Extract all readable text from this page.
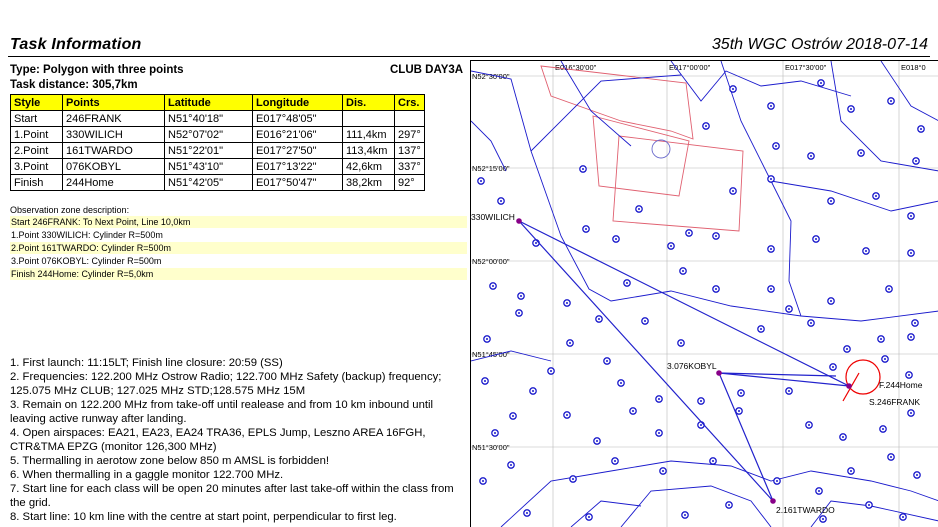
Task Information	35th WGC Ostrów 2018-07-14
Type: Polygon with three points	CLUB DAY3A
Task distance: 305,7km
Style	Points	Latitude	Longitude	Dis.	Crs.
Start	246FRANK	N51°40'18"	E017°48'05"		
1.Point	330WILICH	N52°07'02"	E016°21'06"	111,4km	297°
2.Point	161TWARDO	N51°22'01"	E017°27'50"	113,4km	137°
3.Point	076KOBYL	N51°43'10"	E017°13'22"	42,6km	337°
Finish	244Home	N51°42'05"	E017°50'47"	38,2km	92°
Observation zone description:
Start 246FRANK: To Next Point, Line 10,0km
1.Point 330WILICH: Cylinder R=500m
2.Point 161TWARDO: Cylinder R=500m
3.Point 076KOBYL: Cylinder R=500m
Finish 244Home: Cylinder R=5,0km
1. First launch: 11:15LT; Finish line closure: 20:59 (SS)
2. Frequencies: 122.200 MHz Ostrow Radio; 122.700 MHz Safety (backup) frequency; 125.075 MHz CLUB; 127.025 MHz STD;128.575 MHz 15M
3. Remain on 122.200 MHz from take-off until realease and from 10 km inbound until leaving active runway after landing.
4. Open airspaces: EA21, EA23, EA24 TRA36, EPLS Jump, Leszno AREA 16FGH, CTR&TMA EPZG (monitor 126,300 MHz)
5. Thermalling in aerotow zone below 850 m AMSL is forbidden!
6. When thermalling in a gaggle monitor 122.700 MHz.
7. Start line for each class will be open 20 minutes after last take-off within the class from the grid.
8. Start line: 10 km line with the centre at start point, perpendicular to first leg.
E016°30'00"	E017°00'00"	E017°30'00"	E018°0
N52°30'00"
N52°15'00"
N52°00'00"
N51°45'00"
N51°30'00"
330WILICH
2.161TWARDO
3.076KOBYL
F.244Home
S.246FRANK
